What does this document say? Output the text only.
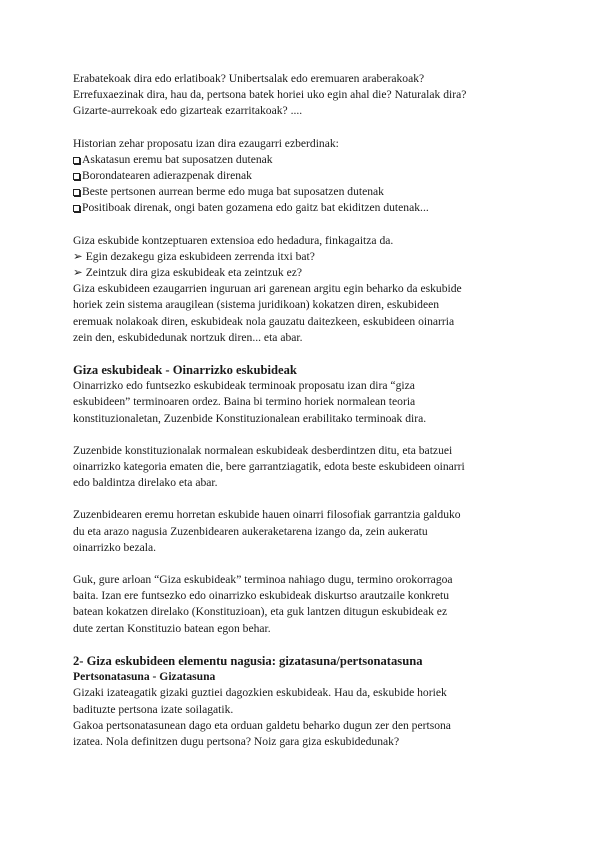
Erabatekoak dira edo erlatiboak? Unibertsalak edo eremuaren araberakoak?

Errefuxaezinak dira, hau da, pertsona batek horiei uko egin ahal die? Naturalak dira?

Gizarte-aurrekoak edo gizarteak ezarritakoak? ....

Historian zehar proposatu izan dira ezaugarri ezberdinak:

Askatasun eremu bat suposatzen dutenak

Borondatearen adierazpenak direnak

Beste pertsonen aurrean berme edo muga bat suposatzen dutenak

Positiboak direnak, ongi baten gozamena edo gaitz bat ekiditzen dutenak...

Giza eskubide kontzeptuaren extensioa edo hedadura, finkagaitza da.

➢ Egin dezakegu giza eskubideen zerrenda itxi bat?

➢ Zeintzuk dira giza eskubideak eta zeintzuk ez?

Giza eskubideen ezaugarrien inguruan ari garenean argitu egin beharko da eskubide

horiek zein sistema araugilean (sistema juridikoan) kokatzen diren, eskubideen

eremuak nolakoak diren, eskubideak nola gauzatu daitezkeen, eskubideen oinarria

zein den, eskubidedunak nortzuk diren... eta abar.

Giza eskubideak - Oinarrizko eskubideak

Oinarrizko edo funtsezko eskubideak terminoak proposatu izan dira “giza

eskubideen” terminoaren ordez. Baina bi termino horiek normalean teoria

konstituzionaletan, Zuzenbide Konstituzionalean erabilitako terminoak dira.

Zuzenbide konstituzionalak normalean eskubideak desberdintzen ditu, eta batzuei

oinarrizko kategoria ematen die, bere garrantziagatik, edota beste eskubideen oinarri

edo baldintza direlako eta abar.

Zuzenbidearen eremu horretan eskubide hauen oinarri filosofiak garrantzia galduko

du eta arazo nagusia Zuzenbidearen aukeraketarena izango da, zein aukeratu

oinarrizko bezala.

Guk, gure arloan “Giza eskubideak” terminoa nahiago dugu, termino orokorragoa

baita. Izan ere funtsezko edo oinarrizko eskubideak diskurtso arautzaile konkretu

batean kokatzen direlako (Konstituzioan), eta guk lantzen ditugun eskubideak ez

dute zertan Konstituzio batean egon behar.

2- Giza eskubideen elementu nagusia: gizatasuna/pertsonatasuna

Pertsonatasuna - Gizatasuna

Gizaki izateagatik gizaki guztiei dagozkien eskubideak. Hau da, eskubide horiek

badituzte pertsona izate soilagatik.

Gakoa pertsonatasunean dago eta orduan galdetu beharko dugun zer den pertsona

izatea. Nola definitzen dugu pertsona? Noiz gara giza eskubidedunak?
